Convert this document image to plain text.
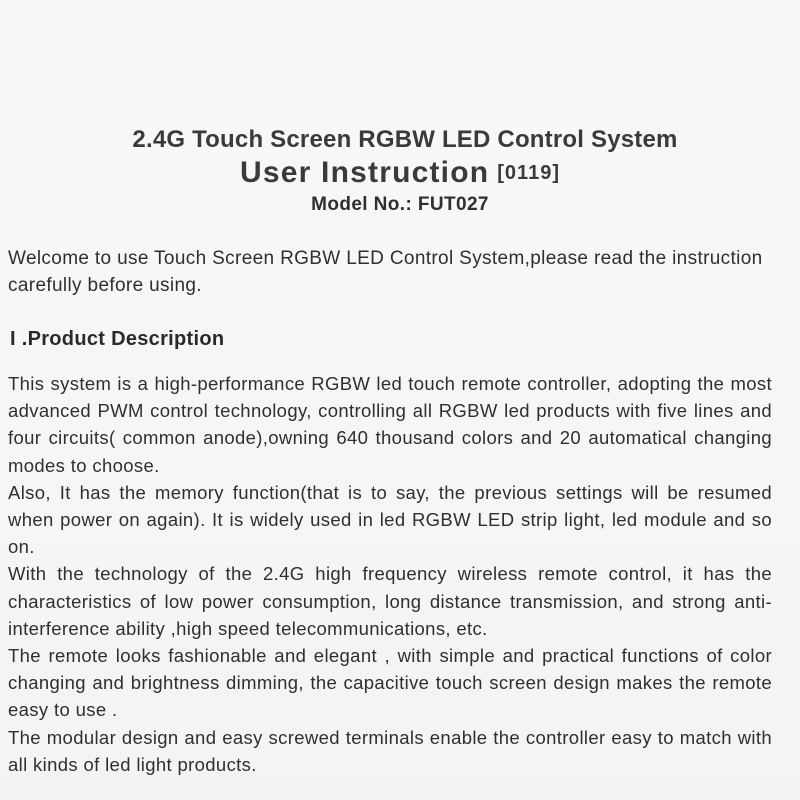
2.4G Touch Screen RGBW LED Control System
User Instruction [0119]
Model No.: FUT027
Welcome to use Touch Screen RGBW LED Control System,please read the instruction carefully before using.
I .Product Description

This system is a high-performance RGBW led touch remote controller, adopting the most advanced PWM control technology, controlling all RGBW led products with five lines and four circuits( common anode),owning 640 thousand colors and 20 automatical changing modes to choose.

Also, It has the memory function(that is to say, the previous settings will be resumed when power on again). It is widely used in led RGBW LED strip light, led module and so on.

With the technology of the 2.4G high frequency wireless remote control, it has the characteristics of low power consumption, long distance transmission, and strong anti-interference ability ,high speed telecommunications, etc.

The remote looks fashionable and elegant , with simple and practical functions of color changing and brightness dimming, the capacitive touch screen design makes the remote easy to use .

The modular design and easy screwed terminals enable the controller easy to match with all kinds of led light products.
